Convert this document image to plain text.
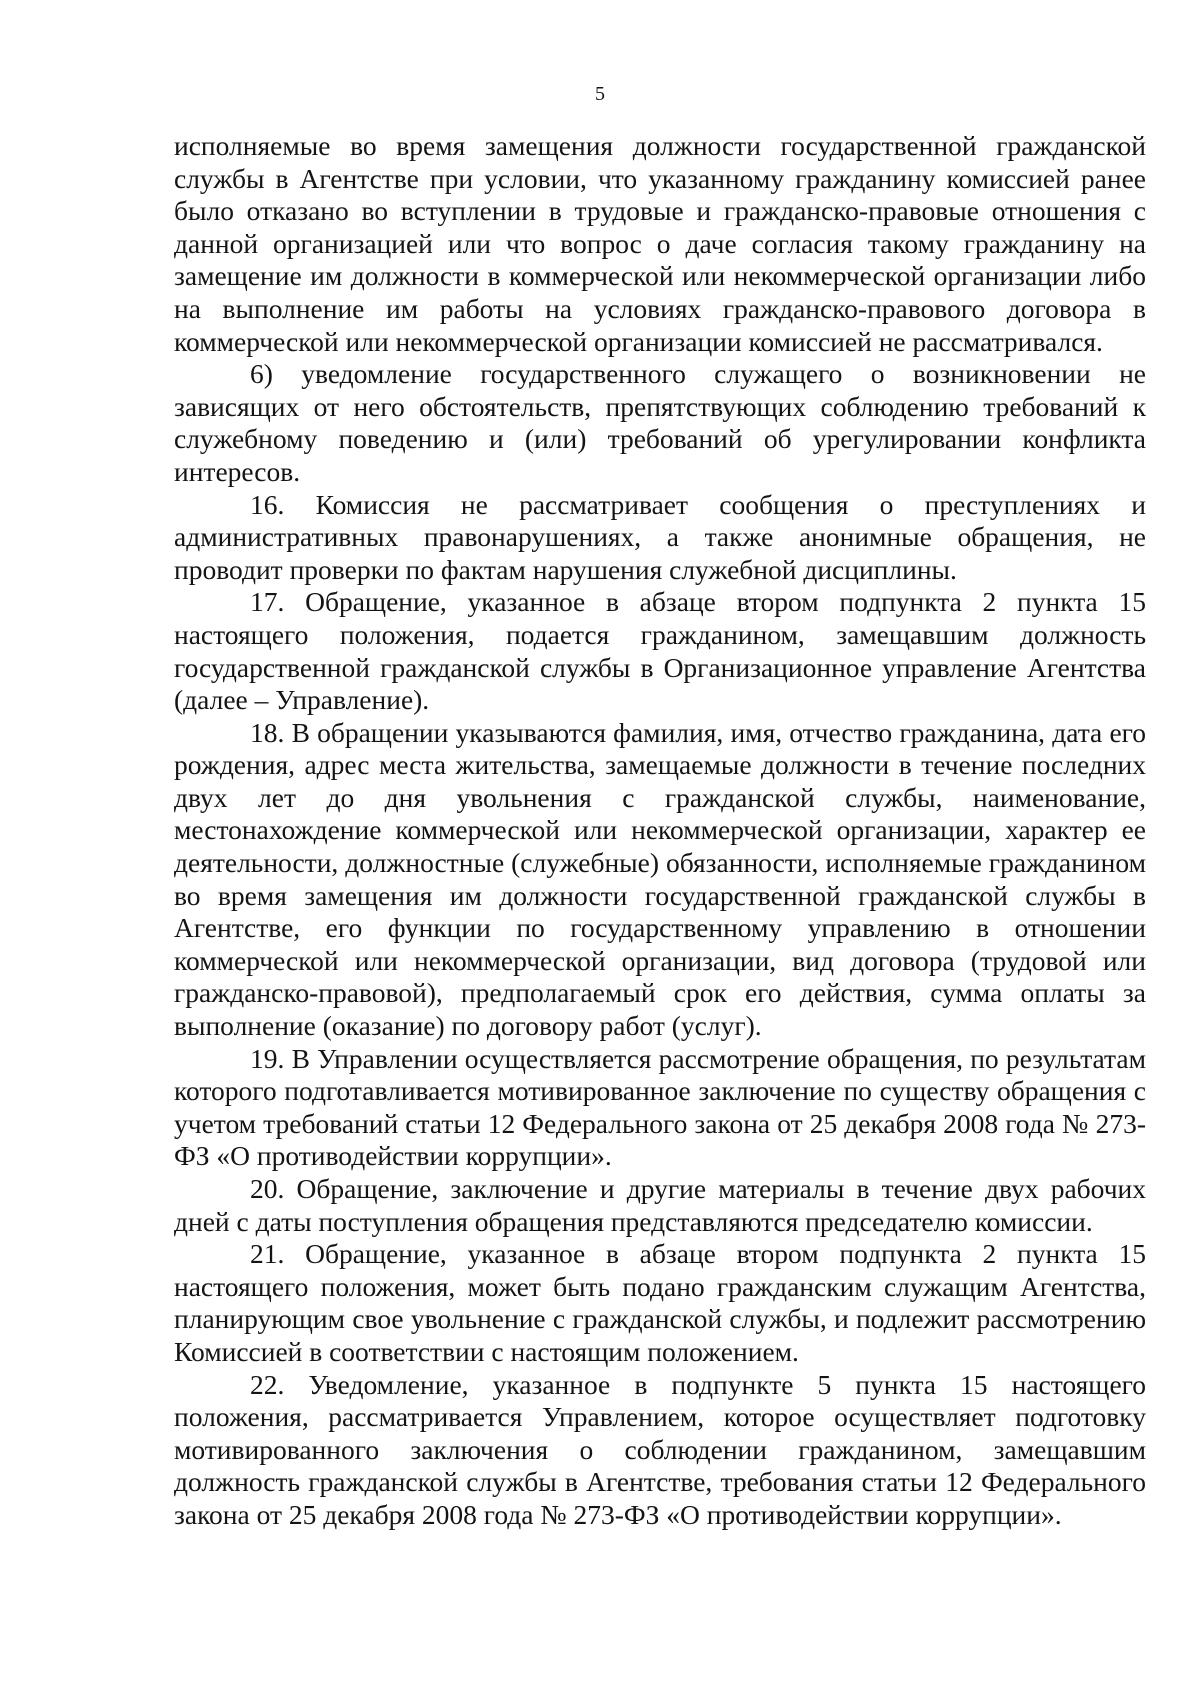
5

исполняемые во время замещения должности государственной гражданской службы в Агентстве при условии, что указанному гражданину комиссией ранее было отказано во вступлении в трудовые и гражданско-правовые отношения с данной организацией или что вопрос о даче согласия такому гражданину на замещение им должности в коммерческой или некоммерческой организации либо на выполнение им работы на условиях гражданско-правового договора в коммерческой или некоммерческой организации комиссией не рассматривался.

6) уведомление государственного служащего о возникновении не зависящих от него обстоятельств, препятствующих соблюдению требований к служебному поведению и (или) требований об урегулировании конфликта интересов.

16. Комиссия не рассматривает сообщения о преступлениях и административных правонарушениях, а также анонимные обращения, не проводит проверки по фактам нарушения служебной дисциплины.

17. Обращение, указанное в абзаце втором подпункта 2 пункта 15 настоящего положения, подается гражданином, замещавшим должность государственной гражданской службы в Организационное управление Агентства (далее – Управление).

18. В обращении указываются фамилия, имя, отчество гражданина, дата его рождения, адрес места жительства, замещаемые должности в течение последних двух лет до дня увольнения с гражданской службы, наименование, местонахождение коммерческой или некоммерческой организации, характер ее деятельности, должностные (служебные) обязанности, исполняемые гражданином во время замещения им должности государственной гражданской службы в Агентстве, его функции по государственному управлению в отношении коммерческой или некоммерческой организации, вид договора (трудовой или гражданско-правовой), предполагаемый срок его действия, сумма оплаты за выполнение (оказание) по договору работ (услуг).

19. В Управлении осуществляется рассмотрение обращения, по результатам которого подготавливается мотивированное заключение по существу обращения с учетом требований статьи 12 Федерального закона от 25 декабря 2008 года № 273-ФЗ «О противодействии коррупции».

20. Обращение, заключение и другие материалы в течение двух рабочих дней с даты поступления обращения представляются председателю комиссии.

21. Обращение, указанное в абзаце втором подпункта 2 пункта 15 настоящего положения, может быть подано гражданским служащим Агентства, планирующим свое увольнение с гражданской службы, и подлежит рассмотрению Комиссией в соответствии с настоящим положением.

22. Уведомление, указанное в подпункте 5 пункта 15 настоящего положения, рассматривается Управлением, которое осуществляет подготовку мотивированного заключения о соблюдении гражданином, замещавшим должность гражданской службы в Агентстве, требования статьи 12 Федерального закона от 25 декабря 2008 года № 273-ФЗ «О противодействии коррупции».
